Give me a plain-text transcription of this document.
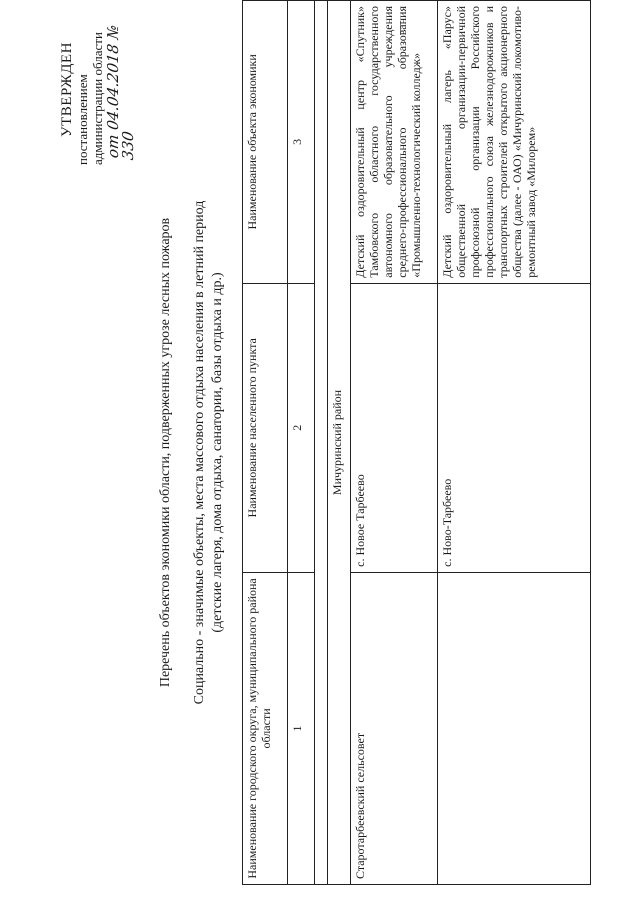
УТВЕРЖДЕН постановлением администрации области от 04.04.2018 № 330
Перечень объектов экономики области, подверженных угрозе лесных пожаров Социально - значимые объекты, места массового отдыха населения в летний период (детские лагеря, дома отдыха, санатории, базы отдыха и др.)
Наименование городского округа, муниципального района области	Наименование населенного пункта	Наименование объекта экономики
1	2	3

Мичуринский район		
Старотарбеевский сельсовет	с. Новое Тарбеево	Детский оздоровительный центр «Спутник» Тамбовского областного государственного автономного образовательного учреждения среднего-профессионального образования «Промышленно-технологический колледж»
	с. Ново-Тарбеево	Детский оздоровительный лагерь «Парус» общественной организации-первичной профсоюзной организации Российского профессионального союза железнодорожников и транспортных строителей открытого акционерного общества (далее - ОАО) «Мичуринский локомотиво-ремонтный завод «Милорем»
